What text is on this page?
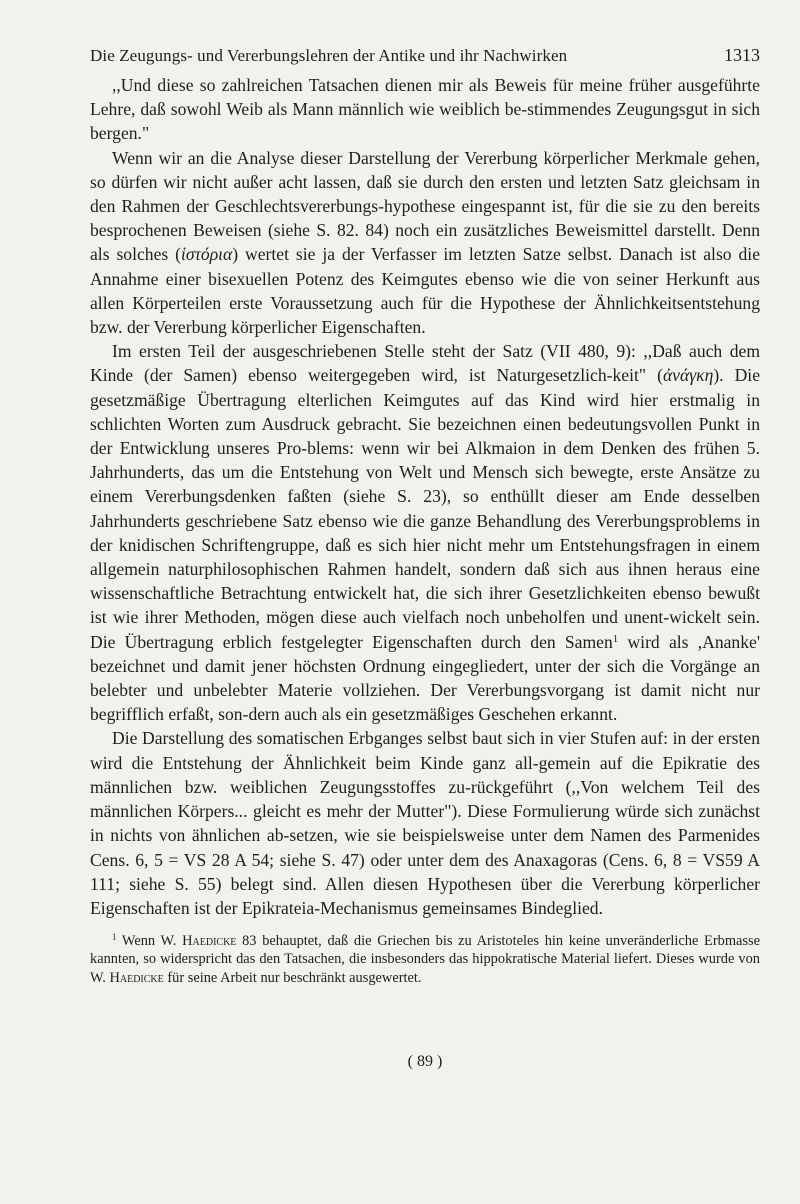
Die Zeugungs- und Vererbungslehren der Antike und ihr Nachwirken	1313

,,Und diese so zahlreichen Tatsachen dienen mir als Beweis für meine früher ausgeführte Lehre, daß sowohl Weib als Mann männlich wie weiblich be-stimmendes Zeugungsgut in sich bergen."

Wenn wir an die Analyse dieser Darstellung der Vererbung körperlicher Merkmale gehen, so dürfen wir nicht außer acht lassen, daß sie durch den ersten und letzten Satz gleichsam in den Rahmen der Geschlechtsvererbungs-hypothese eingespannt ist, für die sie zu den bereits besprochenen Beweisen (siehe S. 82. 84) noch ein zusätzliches Beweismittel darstellt. Denn als solches (ἱστόρια) wertet sie ja der Verfasser im letzten Satze selbst. Danach ist also die Annahme einer bisexuellen Potenz des Keimgutes ebenso wie die von seiner Herkunft aus allen Körperteilen erste Voraussetzung auch für die Hypothese der Ähnlichkeitsentstehung bzw. der Vererbung körperlicher Eigenschaften.

Im ersten Teil der ausgeschriebenen Stelle steht der Satz (VII 480, 9): ,,Daß auch dem Kinde (der Samen) ebenso weitergegeben wird, ist Naturgesetzlich-keit" (ἀνάγκη). Die gesetzmäßige Übertragung elterlichen Keimgutes auf das Kind wird hier erstmalig in schlichten Worten zum Ausdruck gebracht. Sie bezeichnen einen bedeutungsvollen Punkt in der Entwicklung unseres Pro-blems: wenn wir bei Alkmaion in dem Denken des frühen 5. Jahrhunderts, das um die Entstehung von Welt und Mensch sich bewegte, erste Ansätze zu einem Vererbungsdenken faßten (siehe S. 23), so enthüllt dieser am Ende desselben Jahrhunderts geschriebene Satz ebenso wie die ganze Behandlung des Vererbungsproblems in der knidischen Schriftengruppe, daß es sich hier nicht mehr um Entstehungsfragen in einem allgemein naturphilosophischen Rahmen handelt, sondern daß sich aus ihnen heraus eine wissenschaftliche Betrachtung entwickelt hat, die sich ihrer Gesetzlichkeiten ebenso bewußt ist wie ihrer Methoden, mögen diese auch vielfach noch unbeholfen und unent-wickelt sein. Die Übertragung erblich festgelegter Eigenschaften durch den Samen$^1$ wird als ,Ananke' bezeichnet und damit jener höchsten Ordnung eingegliedert, unter der sich die Vorgänge an belebter und unbelebter Materie vollziehen. Der Vererbungsvorgang ist damit nicht nur begrifflich erfaßt, son-dern auch als ein gesetzmäßiges Geschehen erkannt.

Die Darstellung des somatischen Erbganges selbst baut sich in vier Stufen auf: in der ersten wird die Entstehung der Ähnlichkeit beim Kinde ganz all-gemein auf die Epikratie des männlichen bzw. weiblichen Zeugungsstoffes zu-rückgeführt (,,Von welchem Teil des männlichen Körpers... gleicht es mehr der Mutter"). Diese Formulierung würde sich zunächst in nichts von ähnlichen ab-setzen, wie sie beispielsweise unter dem Namen des Parmenides Cens. 6, 5 = VS 28 A 54; siehe S. 47) oder unter dem des Anaxagoras (Cens. 6, 8 = VS59 A 111; siehe S. 55) belegt sind. Allen diesen Hypothesen über die Vererbung körperlicher Eigenschaften ist der Epikrateia-Mechanismus gemeinsames Bindeglied.

$^1$ Wenn W. Haedicke 83 behauptet, daß die Griechen bis zu Aristoteles hin keine unveränderliche Erbmasse kannten, so widerspricht das den Tatsachen, die insbesonders das hippokratische Material liefert. Dieses wurde von W. Haedicke für seine Arbeit nur beschränkt ausgewertet.

( 89 )
